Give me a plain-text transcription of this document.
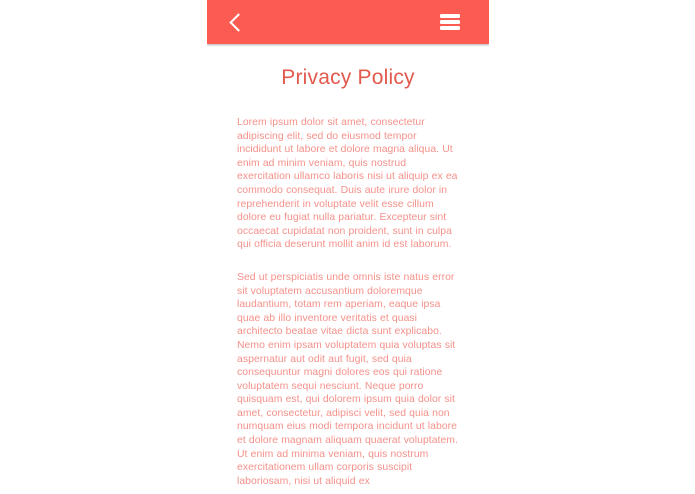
Privacy Policy

Lorem ipsum dolor sit amet, consectetur adipiscing elit, sed do eiusmod tempor incididunt ut labore et dolore magna aliqua. Ut enim ad minim veniam, quis nostrud exercitation ullamco laboris nisi ut aliquip ex ea commodo consequat. Duis aute irure dolor in reprehenderit in voluptate velit esse cillum dolore eu fugiat nulla pariatur. Excepteur sint occaecat cupidatat non proident, sunt in culpa qui officia deserunt mollit anim id est laborum.

Sed ut perspiciatis unde omnis iste natus error sit voluptatem accusantium doloremque laudantium, totam rem aperiam, eaque ipsa quae ab illo inventore veritatis et quasi architecto beatae vitae dicta sunt explicabo. Nemo enim ipsam voluptatem quia voluptas sit aspernatur aut odit aut fugit, sed quia consequuntur magni dolores eos qui ratione voluptatem sequi nesciunt. Neque porro quisquam est, qui dolorem ipsum quia dolor sit amet, consectetur, adipisci velit, sed quia non numquam eius modi tempora incidunt ut labore et dolore magnam aliquam quaerat voluptatem. Ut enim ad minima veniam, quis nostrum exercitationem ullam corporis suscipit laboriosam, nisi ut aliquid ex
